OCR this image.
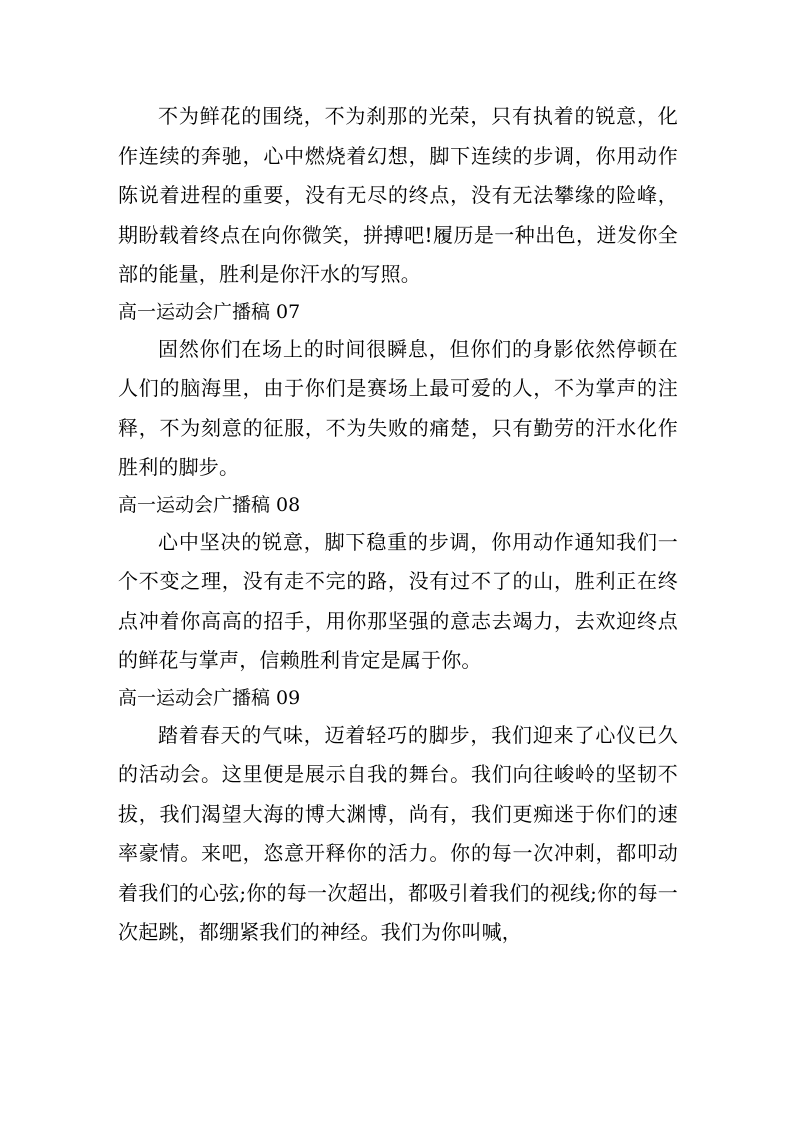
不为鲜花的围绕，不为刹那的光荣，只有执着的锐意，化作连续的奔驰，心中燃烧着幻想，脚下连续的步调，你用动作陈说着进程的重要，没有无尽的终点，没有无法攀缘的险峰，期盼载着终点在向你微笑，拼搏吧!履历是一种出色，迸发你全部的能量，胜利是你汗水的写照。

高一运动会广播稿 07

固然你们在场上的时间很瞬息，但你们的身影依然停顿在人们的脑海里，由于你们是赛场上最可爱的人，不为掌声的注释，不为刻意的征服，不为失败的痛楚，只有勤劳的汗水化作胜利的脚步。

高一运动会广播稿 08

心中坚决的锐意，脚下稳重的步调，你用动作通知我们一个不变之理，没有走不完的路，没有过不了的山，胜利正在终点冲着你高高的招手，用你那坚强的意志去竭力，去欢迎终点的鲜花与掌声，信赖胜利肯定是属于你。

高一运动会广播稿 09

踏着春天的气味，迈着轻巧的脚步，我们迎来了心仪已久的活动会。这里便是展示自我的舞台。我们向往峻岭的坚韧不拔，我们渴望大海的博大渊博，尚有，我们更痴迷于你们的速率豪情。来吧，恣意开释你的活力。你的每一次冲刺，都叩动着我们的心弦;你的每一次超出，都吸引着我们的视线;你的每一次起跳，都绷紧我们的神经。我们为你叫喊，
